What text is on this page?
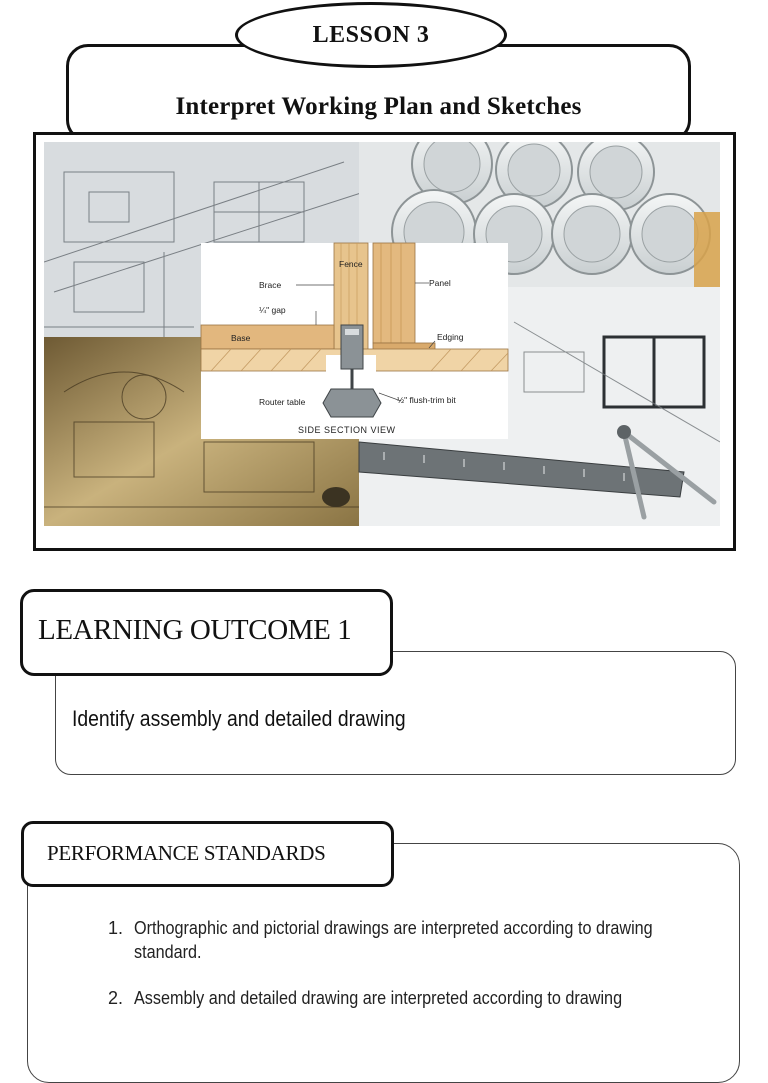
Interpret Working Plan and Sketches
LESSON 3
Fence
Brace	Panel
¼" gap
Base	Edging
Router table	½" flush-trim bit
SIDE SECTION VIEW
LEARNING OUTCOME 1
Identify assembly and detailed drawing
PERFORMANCE STANDARDS
1. Orthographic and pictorial drawings are interpreted according to drawing standard.
2. Assembly and detailed drawing are interpreted according to drawing
